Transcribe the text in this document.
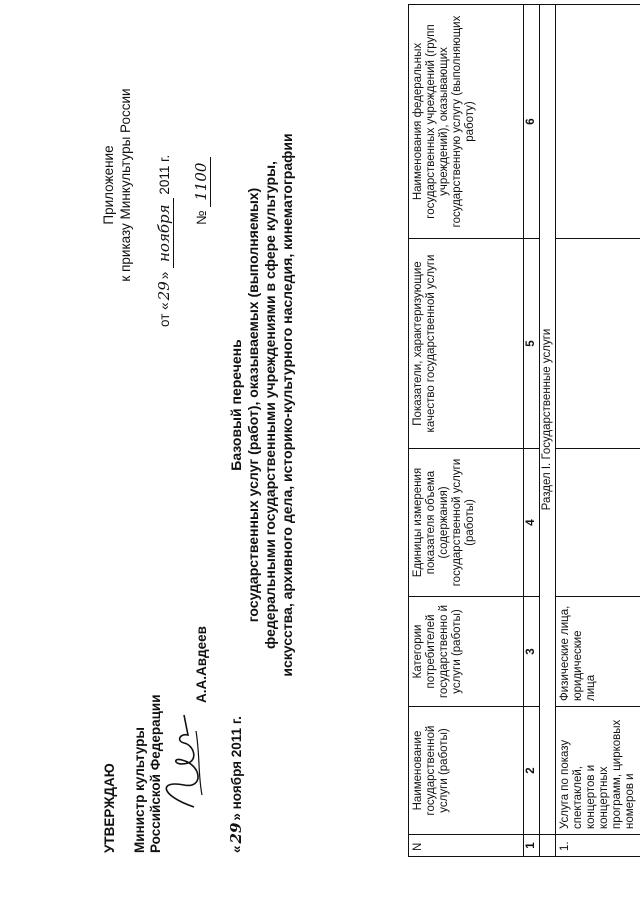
УТВЕРЖДАЮ Министр культуры Российской Федерации
А.А.Авдеев
«29» ноября 2011 г.
Приложение к приказу Минкультуры России
от «29» ноября 2011 г.
№ 1100
Базовый перечень государственных услуг (работ), оказываемых (выполняемых) федеральными государственными учреждениями в сфере культуры, искусства, архивного дела, историко-культурного наследия, кинематографии
N	Наименование государственной услуги (работы)	Категории потребителей государственно й услуги (работы)	Единицы измерения показателя объема (содержания) государственной услуги (работы)	Показатели, характеризующие качество государственной услуги	Наименования федеральных государственных учреждений (групп учреждений), оказывающих государственную услугу (выполняющих работу)
1	2	3	4	5	6
	Раздел I. Государственные услуги				
1.	Услуга по показу спектаклей, концертов и концертных программ, цирковых номеров и	Физические лица, юридические лица			
